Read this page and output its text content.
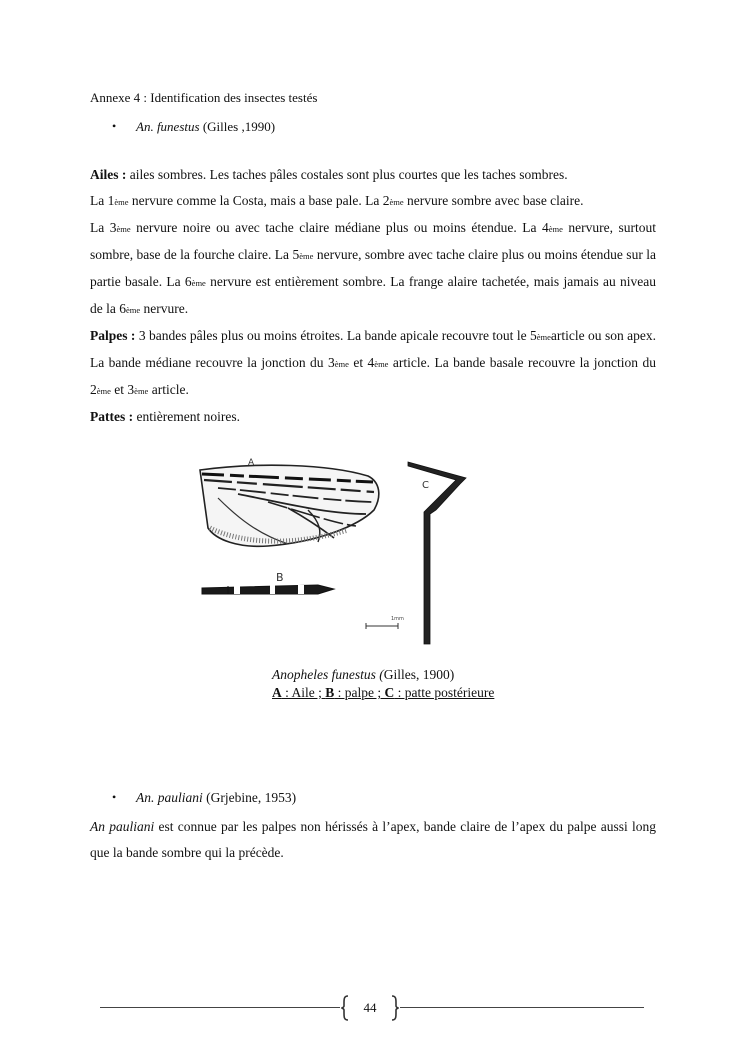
Annexe 4 : Identification des insectes testés
• An. funestus (Gilles ,1990)

Ailes : ailes sombres. Les taches pâles costales sont plus courtes que les taches sombres.
La 1ème nervure comme la Costa, mais a base pale. La 2ème nervure sombre avec base claire.
La 3ème nervure noire ou avec tache claire médiane plus ou moins étendue. La 4ème nervure, surtout sombre, base de la fourche claire. La 5ème nervure, sombre avec tache claire plus ou moins étendue sur la partie basale. La 6ème nervure est entièrement sombre. La frange alaire tachetée, mais jamais au niveau de la 6ème nervure.

Palpes : 3 bandes pâles plus ou moins étroites. La bande apicale recouvre tout le 5èmearticle ou son apex. La bande médiane recouvre la jonction du 3ème et 4ème article. La bande basale recouvre la jonction du 2ème et 3ème article.

Pattes : entièrement noires.

A
B
C
1mm
Anopheles funestus (Gilles, 1900)
A : Aile ; B : palpe ; C : patte postérieure
• An. pauliani (Grjebine, 1953)

An pauliani est connue par les palpes non hérissés à l’apex, bande claire de l’apex du palpe aussi long que la bande sombre qui la précède.

44
